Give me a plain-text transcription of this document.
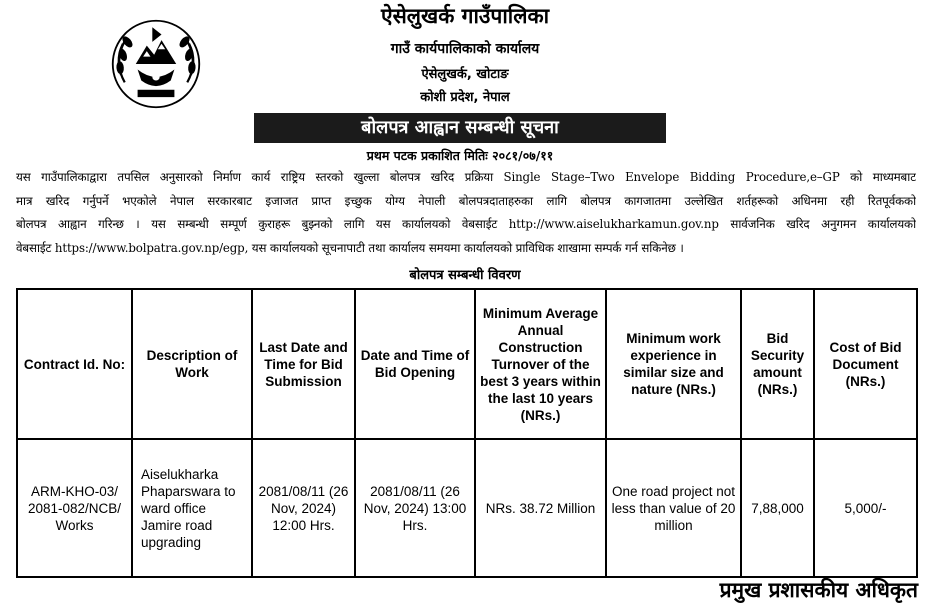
ऐसेलुखर्क गाउँपालिका
गाउँ कार्यपालिकाको कार्यालय
ऐसेलुखर्क, खोटाङ
कोशी प्रदेश, नेपाल
बोलपत्र आह्वान सम्बन्धी सूचना
प्रथम पटक प्रकाशित मितिः २०८१/०७/११
यस गाउँपालिकाद्वारा तपसिल अनुसारको निर्माण कार्य राष्ट्रिय स्तरको खुल्ला बोलपत्र खरिद प्रक्रिया Single Stage–Two Envelope Bidding Procedure,e–GP को माध्यमबाट
मात्र खरिद गर्नुपर्ने भएकोले नेपाल सरकारबाट इजाजत प्राप्त इच्छुक योग्य नेपाली बोलपत्रदाताहरुका लागि बोलपत्र कागजातमा उल्लेखित शर्तहरूको अधिनमा रही रितपूर्वकको
बोलपत्र आह्वान गरिन्छ । यस सम्बन्धी सम्पूर्ण कुराहरू बुझ्नको लागि यस कार्यालयको वेबसाईट http://www.aiselukharkamun.gov.np सार्वजनिक खरिद अनुगमन कार्यालयको
वेबसाईट https://www.bolpatra.gov.np/egp, यस कार्यालयको सूचनापाटी तथा कार्यालय समयमा कार्यालयको प्राविधिक शाखामा सम्पर्क गर्न सकिनेछ ।
बोलपत्र सम्बन्धी विवरण
Contract Id. No:	Description of Work	Last Date and Time for Bid Submission	Date and Time of Bid Opening	Minimum Average Annual Construction Turnover of the best 3 years within the last 10 years (NRs.)	Minimum work experience in similar size and nature (NRs.)	Bid Security amount (NRs.)	Cost of Bid Document (NRs.)
ARM-KHO-03/ 2081-082/NCB/ Works	Aiselukharka Phaparswara to ward office Jamire road upgrading	2081/08/11 (26 Nov, 2024) 12:00 Hrs.	2081/08/11 (26 Nov, 2024) 13:00 Hrs.	NRs. 38.72 Million	One road project not less than value of 20 million	7,88,000	5,000/-
प्रमुख प्रशासकीय अधिकृत
